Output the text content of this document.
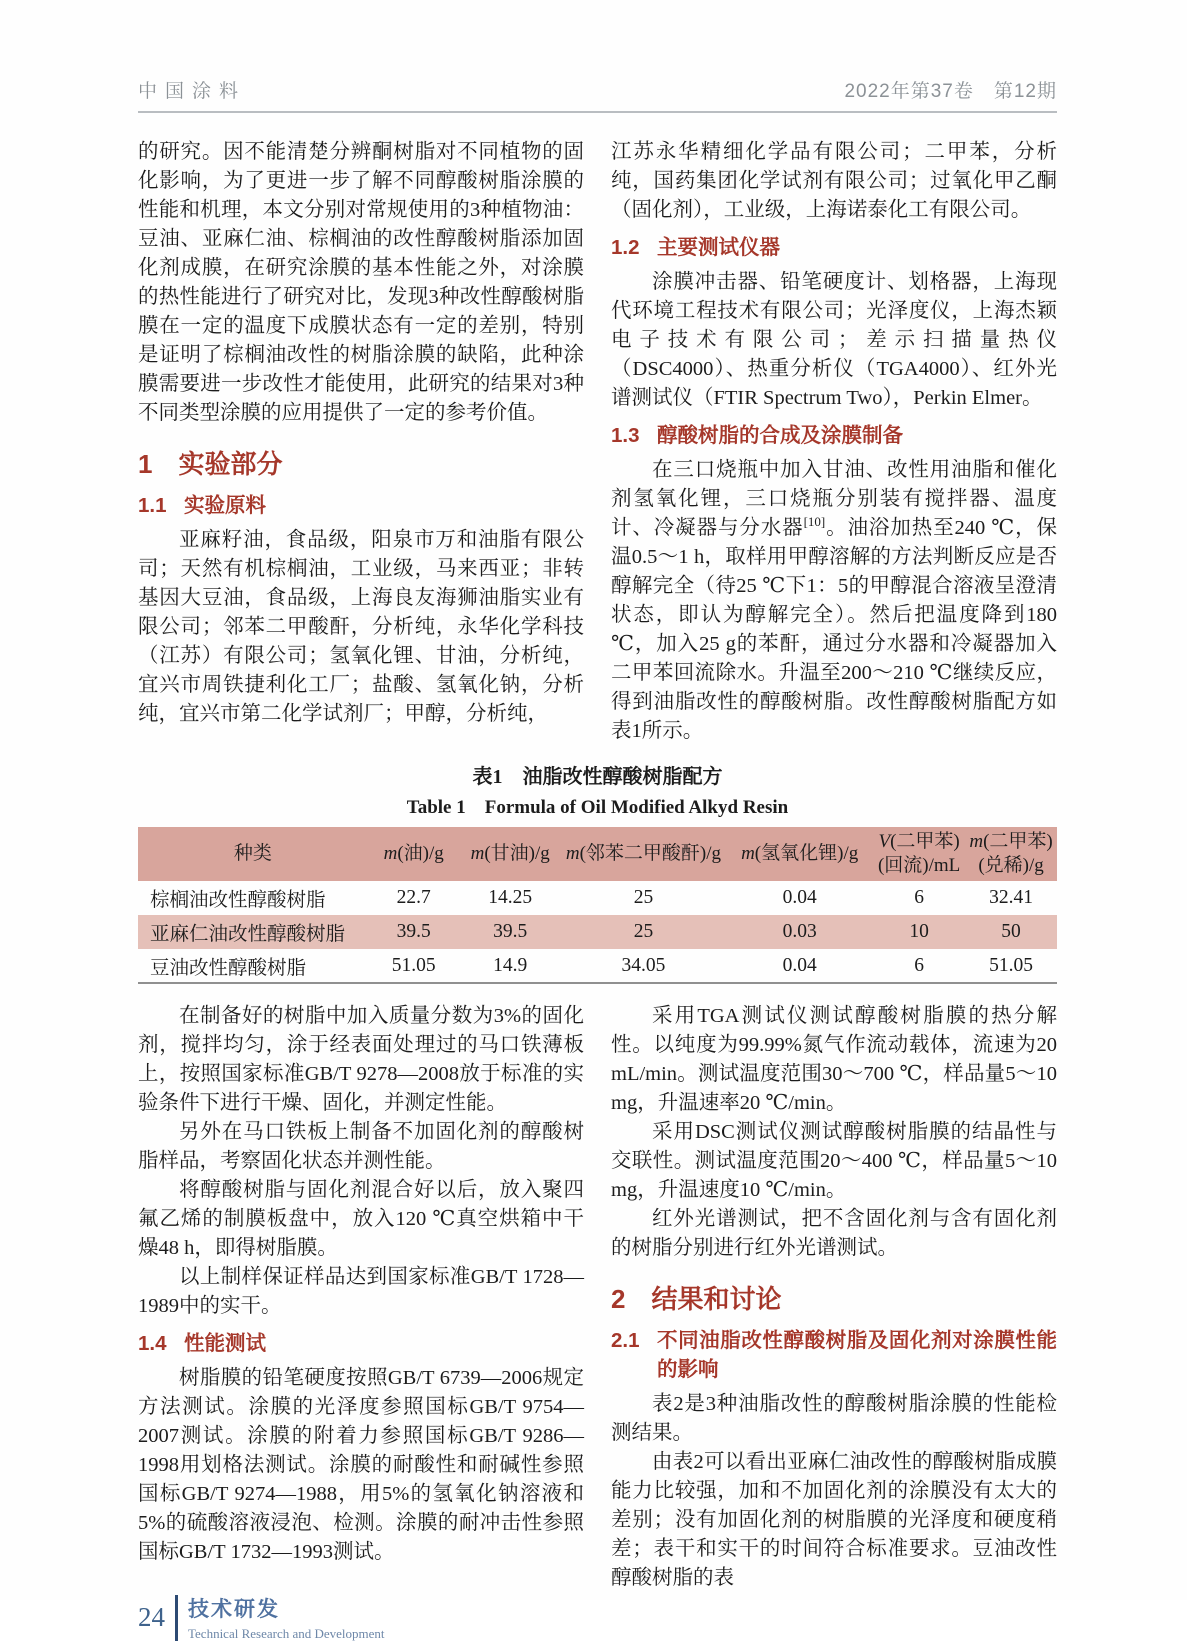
中国涂料	2022年第37卷　第12期

的研究。因不能清楚分辨酮树脂对不同植物的固化影响，为了更进一步了解不同醇酸树脂涂膜的性能和机理，本文分别对常规使用的3种植物油：豆油、亚麻仁油、棕榈油的改性醇酸树脂添加固化剂成膜，在研究涂膜的基本性能之外，对涂膜的热性能进行了研究对比，发现3种改性醇酸树脂膜在一定的温度下成膜状态有一定的差别，特别是证明了棕榈油改性的树脂涂膜的缺陷，此种涂膜需要进一步改性才能使用，此研究的结果对3种不同类型涂膜的应用提供了一定的参考价值。

1 实验部分
1.1 实验原料

亚麻籽油，食品级，阳泉市万和油脂有限公司；天然有机棕榈油，工业级，马来西亚；非转基因大豆油，食品级，上海良友海狮油脂实业有限公司；邻苯二甲酸酐，分析纯，永华化学科技（江苏）有限公司；氢氧化锂、甘油，分析纯，宜兴市周铁捷利化工厂；盐酸、氢氧化钠，分析纯，宜兴市第二化学试剂厂；甲醇，分析纯，

江苏永华精细化学品有限公司；二甲苯，分析纯，国药集团化学试剂有限公司；过氧化甲乙酮（固化剂），工业级，上海诺泰化工有限公司。

1.2 主要测试仪器

涂膜冲击器、铅笔硬度计、划格器，上海现代环境工程技术有限公司；光泽度仪，上海杰颖电子技术有限公司；差示扫描量热仪（DSC4000）、热重分析仪（TGA4000）、红外光谱测试仪（FTIR Spectrum Two），Perkin Elmer。

1.3 醇酸树脂的合成及涂膜制备

在三口烧瓶中加入甘油、改性用油脂和催化剂氢氧化锂，三口烧瓶分别装有搅拌器、温度计、冷凝器与分水器[10]。油浴加热至240 ℃，保温0.5～1 h，取样用甲醇溶解的方法判断反应是否醇解完全（待25 ℃下1：5的甲醇混合溶液呈澄清状态，即认为醇解完全）。然后把温度降到180 ℃，加入25 g的苯酐，通过分水器和冷凝器加入二甲苯回流除水。升温至200～210 ℃继续反应，得到油脂改性的醇酸树脂。改性醇酸树脂配方如表1所示。

表1　油脂改性醇酸树脂配方
Table 1　Formula of Oil Modified Alkyd Resin
种类	m(油)/g	m(甘油)/g	m(邻苯二甲酸酐)/g	m(氢氧化锂)/g	V(二甲苯)
(回流)/mL	m(二甲苯)
(兑稀)/g

棕榈油改性醇酸树脂	22.7	14.25	25	0.04	6	32.41
亚麻仁油改性醇酸树脂	39.5	39.5	25	0.03	10	50
豆油改性醇酸树脂	51.05	14.9	34.05	0.04	6	51.05

在制备好的树脂中加入质量分数为3%的固化剂，搅拌均匀，涂于经表面处理过的马口铁薄板上，按照国家标准GB/T 9278—2008放于标准的实验条件下进行干燥、固化，并测定性能。

另外在马口铁板上制备不加固化剂的醇酸树脂样品，考察固化状态并测性能。

将醇酸树脂与固化剂混合好以后，放入聚四氟乙烯的制膜板盘中，放入120 ℃真空烘箱中干燥48 h，即得树脂膜。

以上制样保证样品达到国家标准GB/T 1728—1989中的实干。

1.4 性能测试

树脂膜的铅笔硬度按照GB/T 6739—2006规定方法测试。涂膜的光泽度参照国标GB/T 9754—2007测试。涂膜的附着力参照国标GB/T 9286—1998用划格法测试。涂膜的耐酸性和耐碱性参照国标GB/T 9274—1988，用5%的氢氧化钠溶液和5%的硫酸溶液浸泡、检测。涂膜的耐冲击性参照国标GB/T 1732—1993测试。

采用TGA测试仪测试醇酸树脂膜的热分解性。以纯度为99.99%氮气作流动载体，流速为20 mL/min。测试温度范围30～700 ℃，样品量5～10 mg，升温速率20 ℃/min。

采用DSC测试仪测试醇酸树脂膜的结晶性与交联性。测试温度范围20～400 ℃，样品量5～10 mg，升温速度10 ℃/min。

红外光谱测试，把不含固化剂与含有固化剂的树脂分别进行红外光谱测试。

2 结果和讨论
2.1 不同油脂改性醇酸树脂及固化剂对涂膜性能的影响

表2是3种油脂改性的醇酸树脂涂膜的性能检测结果。

由表2可以看出亚麻仁油改性的醇酸树脂成膜能力比较强，加和不加固化剂的涂膜没有太大的差别；没有加固化剂的树脂膜的光泽度和硬度稍差；表干和实干的时间符合标准要求。豆油改性醇酸树脂的表

24 技术研发
Technical Research and Development
